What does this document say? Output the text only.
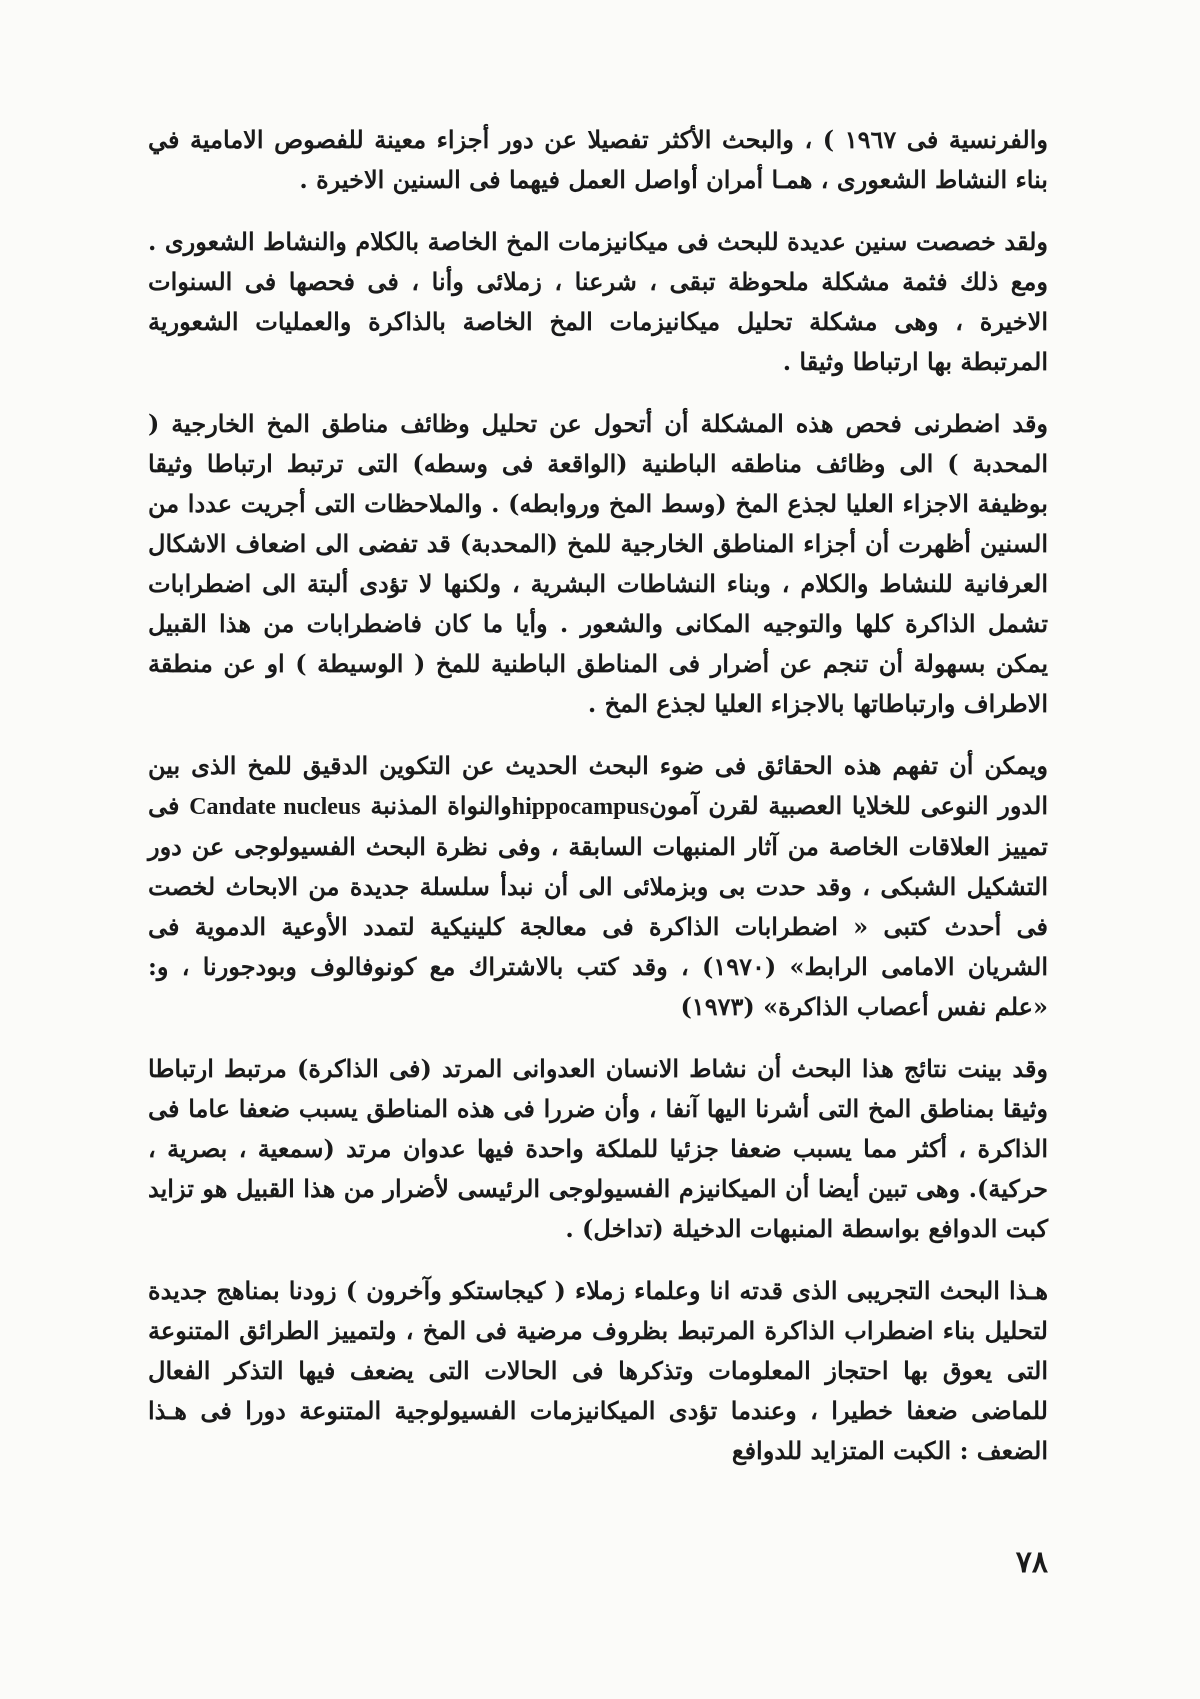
والفرنسية فى ١٩٦٧ ) ، والبحث الأكثر تفصيلا عن دور أجزاء معينة للفصوص الامامية في بناء النشاط الشعورى ، همـا أمران أواصل العمل فيهما فى السنين الاخيرة .

ولقد خصصت سنين عديدة للبحث فى ميكانيزمات المخ الخاصة بالكلام والنشاط الشعورى . ومع ذلك فثمة مشكلة ملحوظة تبقى ، شرعنا ، زملائى وأنا ، فى فحصها فى السنوات الاخيرة ، وهى مشكلة تحليل ميكانيزمات المخ الخاصة بالذاكرة والعمليات الشعورية المرتبطة بها ارتباطا وثيقا .

وقد اضطرنى فحص هذه المشكلة أن أتحول عن تحليل وظائف مناطق المخ الخارجية ( المحدبة ) الى وظائف مناطقه الباطنية (الواقعة فى وسطه) التى ترتبط ارتباطا وثيقا بوظيفة الاجزاء العليا لجذع المخ (وسط المخ وروابطه) . والملاحظات التى أجريت عددا من السنين أظهرت أن أجزاء المناطق الخارجية للمخ (المحدبة) قد تفضى الى اضعاف الاشكال العرفانية للنشاط والكلام ، وبناء النشاطات البشرية ، ولكنها لا تؤدى ألبتة الى اضطرابات تشمل الذاكرة كلها والتوجيه المكانى والشعور . وأيا ما كان فاضطرابات من هذا القبيل يمكن بسهولة أن تنجم عن أضرار فى المناطق الباطنية للمخ ( الوسيطة ) او عن منطقة الاطراف وارتباطاتها بالاجزاء العليا لجذع المخ .

ويمكن أن تفهم هذه الحقائق فى ضوء البحث الحديث عن التكوين الدقيق للمخ الذى بين الدور النوعى للخلايا العصبية لقرن آمونhippocampusوالنواة المذنبة Candate nucleus فى تمييز العلاقات الخاصة من آثار المنبهات السابقة ، وفى نظرة البحث الفسيولوجى عن دور التشكيل الشبكى ، وقد حدت بى وبزملائى الى أن نبدأ سلسلة جديدة من الابحاث لخصت فى أحدث كتبى « اضطرابات الذاكرة فى معالجة كلينيكية لتمدد الأوعية الدموية فى الشريان الامامى الرابط» (١٩٧٠) ، وقد كتب بالاشتراك مع كونوفالوف وبودجورنا ، و: «علم نفس أعصاب الذاكرة» (١٩٧٣)

وقد بينت نتائج هذا البحث أن نشاط الانسان العدوانى المرتد (فى الذاكرة) مرتبط ارتباطا وثيقا بمناطق المخ التى أشرنا اليها آنفا ، وأن ضررا فى هذه المناطق يسبب ضعفا عاما فى الذاكرة ، أكثر مما يسبب ضعفا جزئيا للملكة واحدة فيها عدوان مرتد (سمعية ، بصرية ، حركية). وهى تبين أيضا أن الميكانيزم الفسيولوجى الرئيسى لأضرار من هذا القبيل هو تزايد كبت الدوافع بواسطة المنبهات الدخيلة (تداخل) .

هـذا البحث التجريبى الذى قدته انا وعلماء زملاء ( كيجاستكو وآخرون ) زودنا بمناهج جديدة لتحليل بناء اضطراب الذاكرة المرتبط بظروف مرضية فى المخ ، ولتمييز الطرائق المتنوعة التى يعوق بها احتجاز المعلومات وتذكرها فى الحالات التى يضعف فيها التذكر الفعال للماضى ضعفا خطيرا ، وعندما تؤدى الميكانيزمات الفسيولوجية المتنوعة دورا فى هـذا الضعف : الكبت المتزايد للدوافع

٧٨
